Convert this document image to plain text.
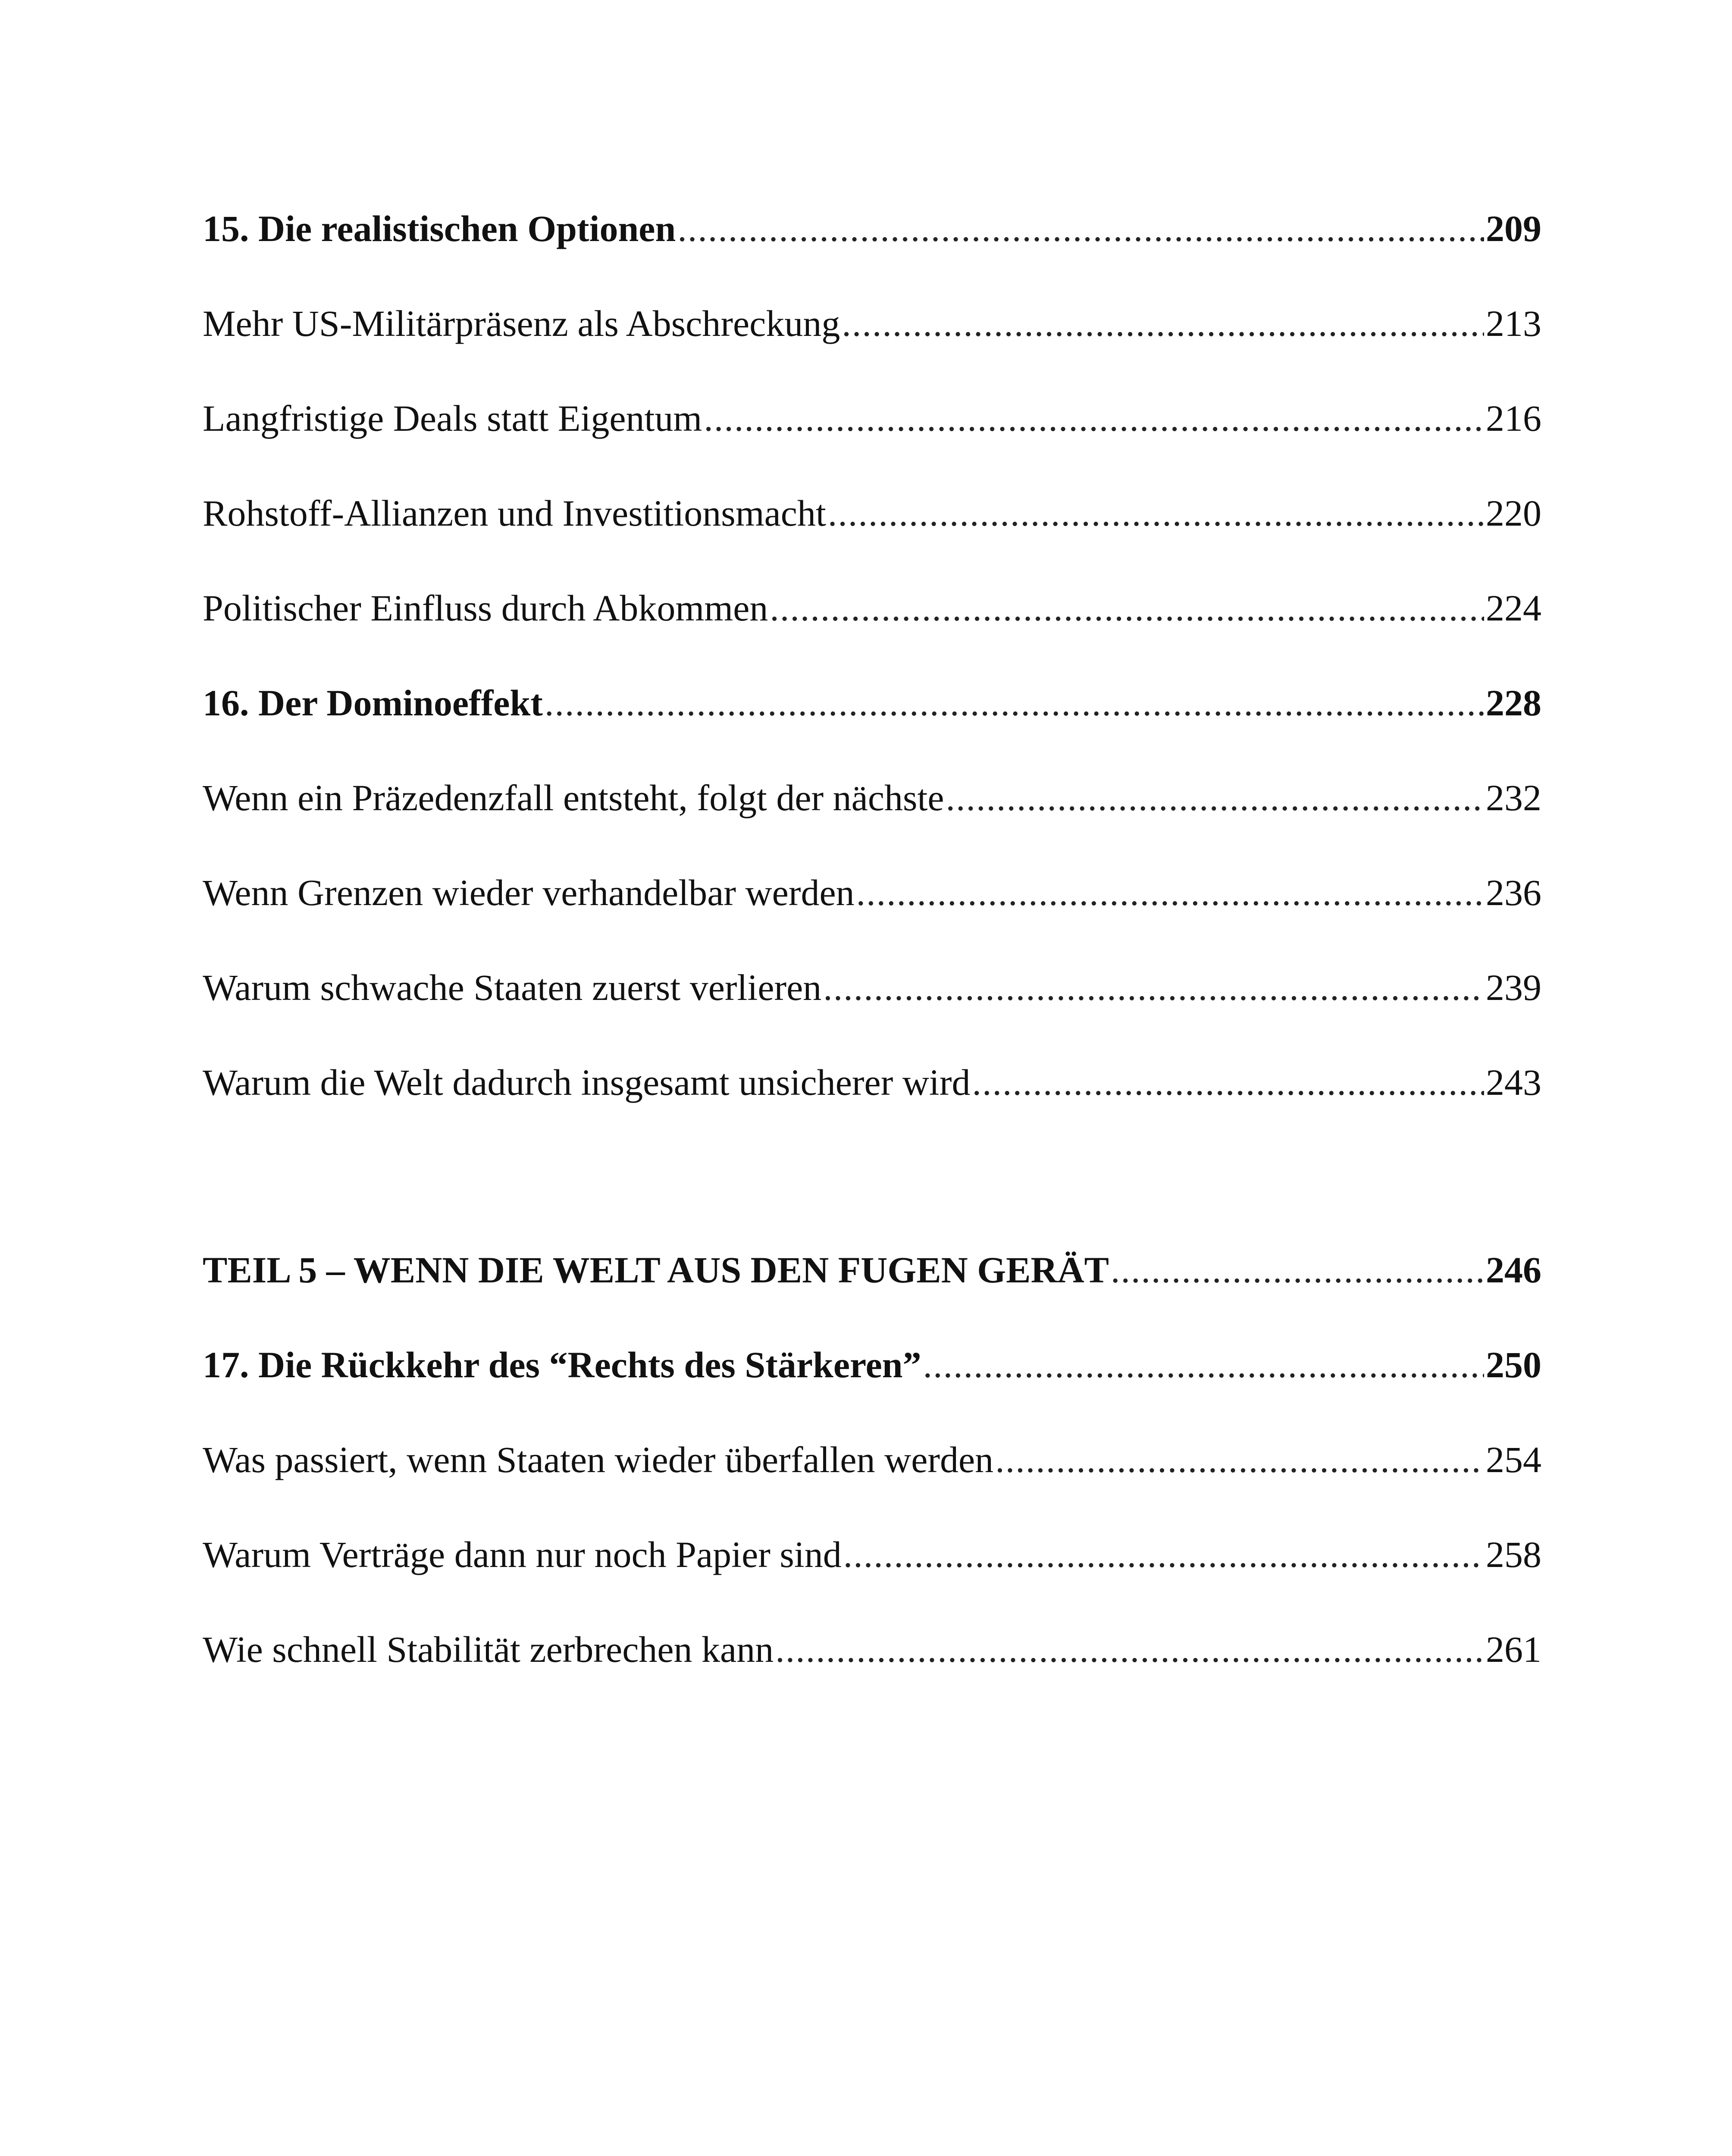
15. Die realistischen Optionen .....	209
Mehr US-Militärpräsenz als Abschreckung .....	213
Langfristige Deals statt Eigentum .....	216
Rohstoff-Allianzen und Investitionsmacht .....	220
Politischer Einfluss durch Abkommen .....	224
16. Der Dominoeffekt .....	228
Wenn ein Präzedenzfall entsteht, folgt der nächste .....	232
Wenn Grenzen wieder verhandelbar werden .....	236
Warum schwache Staaten zuerst verlieren .....	239
Warum die Welt dadurch insgesamt unsicherer wird .....	243
TEIL 5 – WENN DIE WELT AUS DEN FUGEN GERÄT .....	246
17. Die Rückkehr des “Rechts des Stärkeren” .....	250
Was passiert, wenn Staaten wieder überfallen werden .....	254
Warum Verträge dann nur noch Papier sind .....	258
Wie schnell Stabilität zerbrechen kann .....	261
